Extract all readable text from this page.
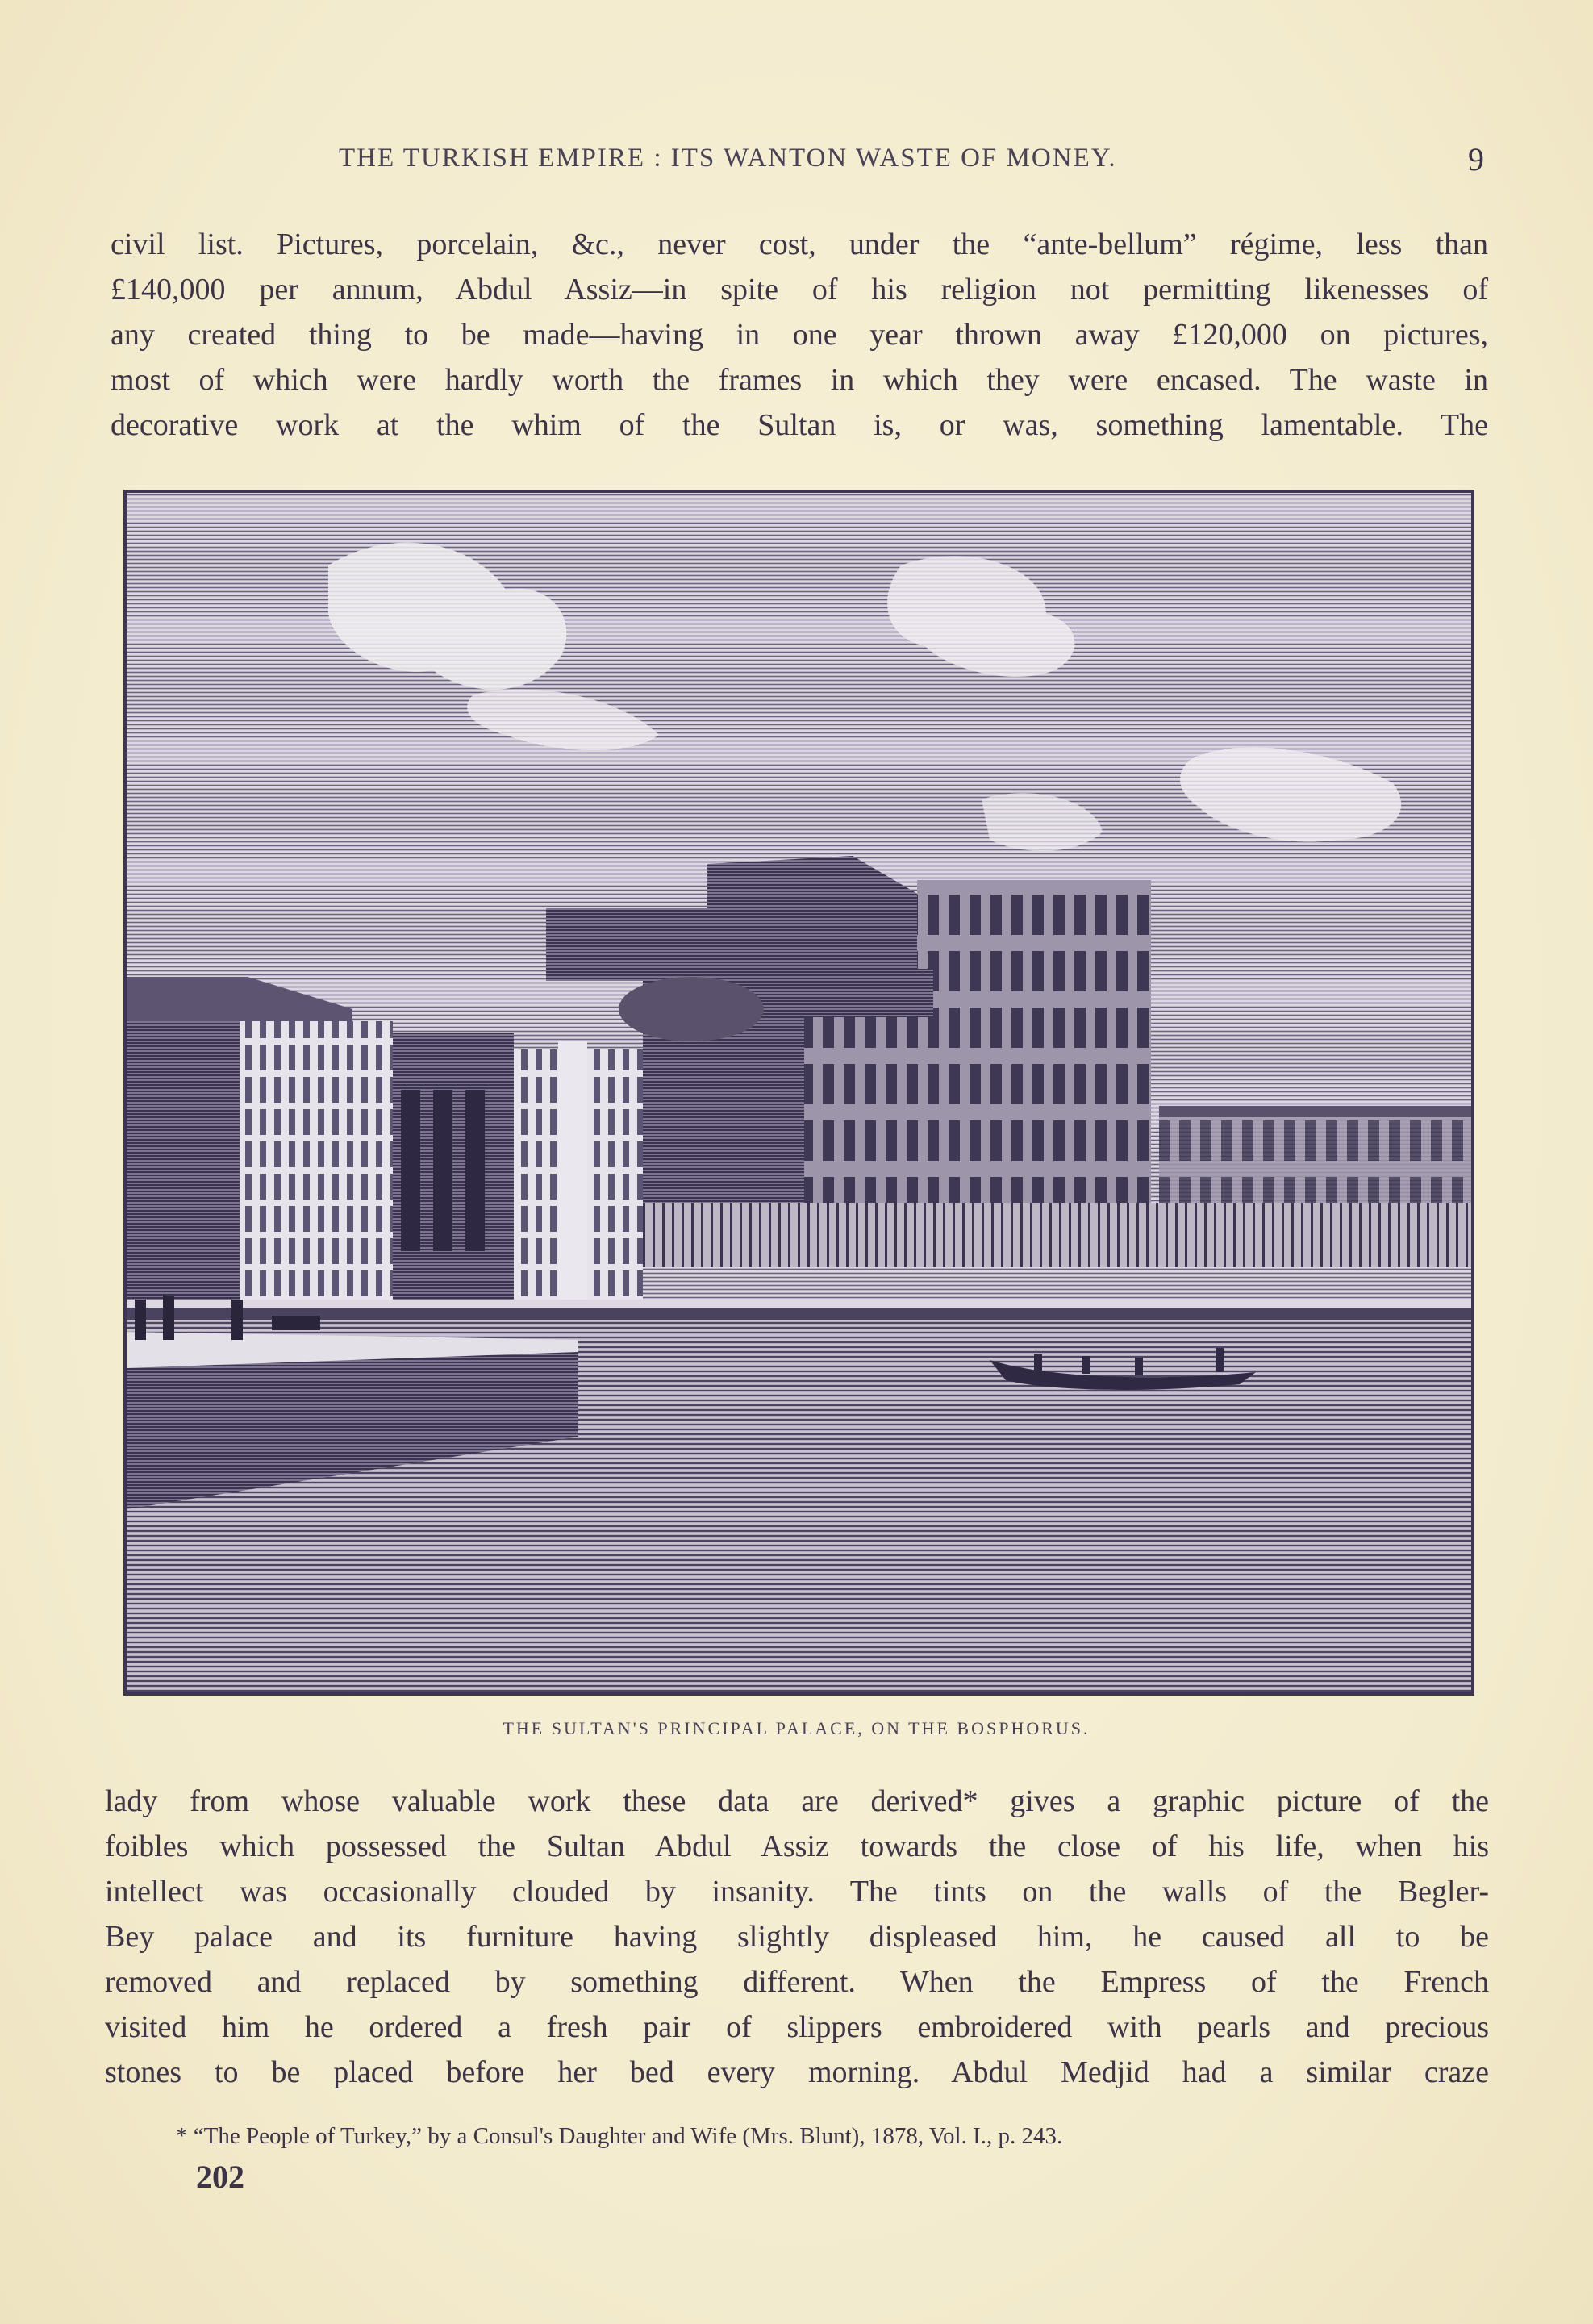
THE TURKISH EMPIRE : ITS WANTON WASTE OF MONEY.	9

civil list. Pictures, porcelain, &c., never cost, under the “ante-bellum” régime, less than

£140,000 per annum, Abdul Assiz—in spite of his religion not permitting likenesses of

any created thing to be made—having in one year thrown away £120,000 on pictures,

most of which were hardly worth the frames in which they were encased. The waste in

decorative work at the whim of the Sultan is, or was, something lamentable. The

THE SULTAN'S PRINCIPAL PALACE, ON THE BOSPHORUS.

lady from whose valuable work these data are derived* gives a graphic picture of the

foibles which possessed the Sultan Abdul Assiz towards the close of his life, when his

intellect was occasionally clouded by insanity. The tints on the walls of the Begler-

Bey palace and its furniture having slightly displeased him, he caused all to be

removed and replaced by something different. When the Empress of the French

visited him he ordered a fresh pair of slippers embroidered with pearls and precious

stones to be placed before her bed every morning. Abdul Medjid had a similar craze

* “The People of Turkey,” by a Consul's Daughter and Wife (Mrs. Blunt), 1878, Vol. I., p. 243.
202
